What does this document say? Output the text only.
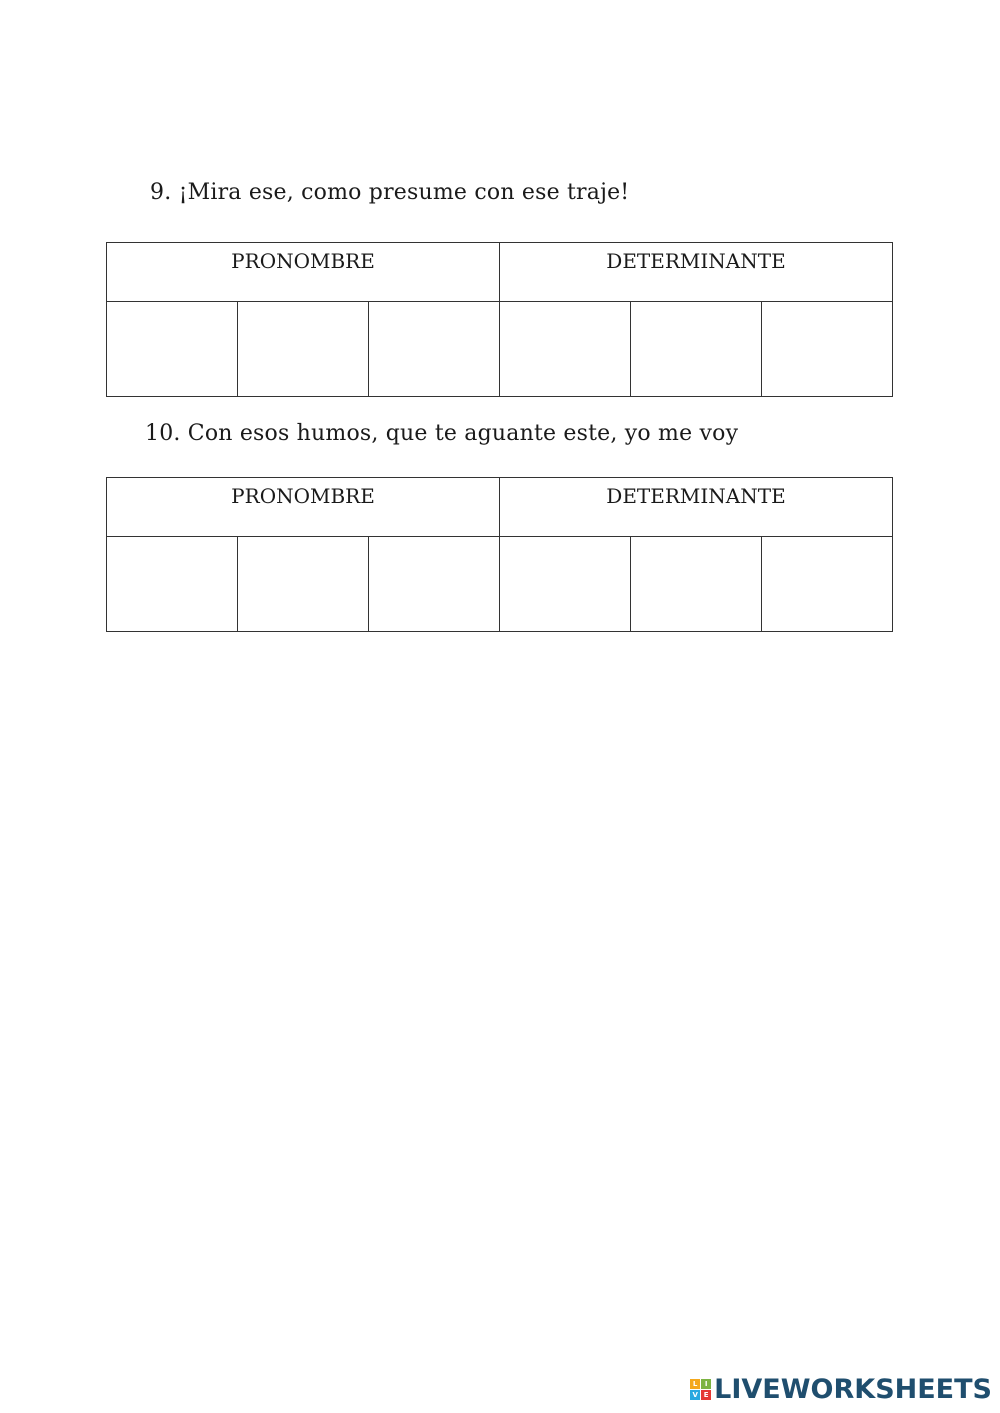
9. ¡Mira ese, como presume con ese traje!
PRONOMBRE			DETERMINANTE		

10. Con esos humos, que te aguante este, yo me voy
PRONOMBRE			DETERMINANTE		

L	I
V E LIVEWORKSHEETS
